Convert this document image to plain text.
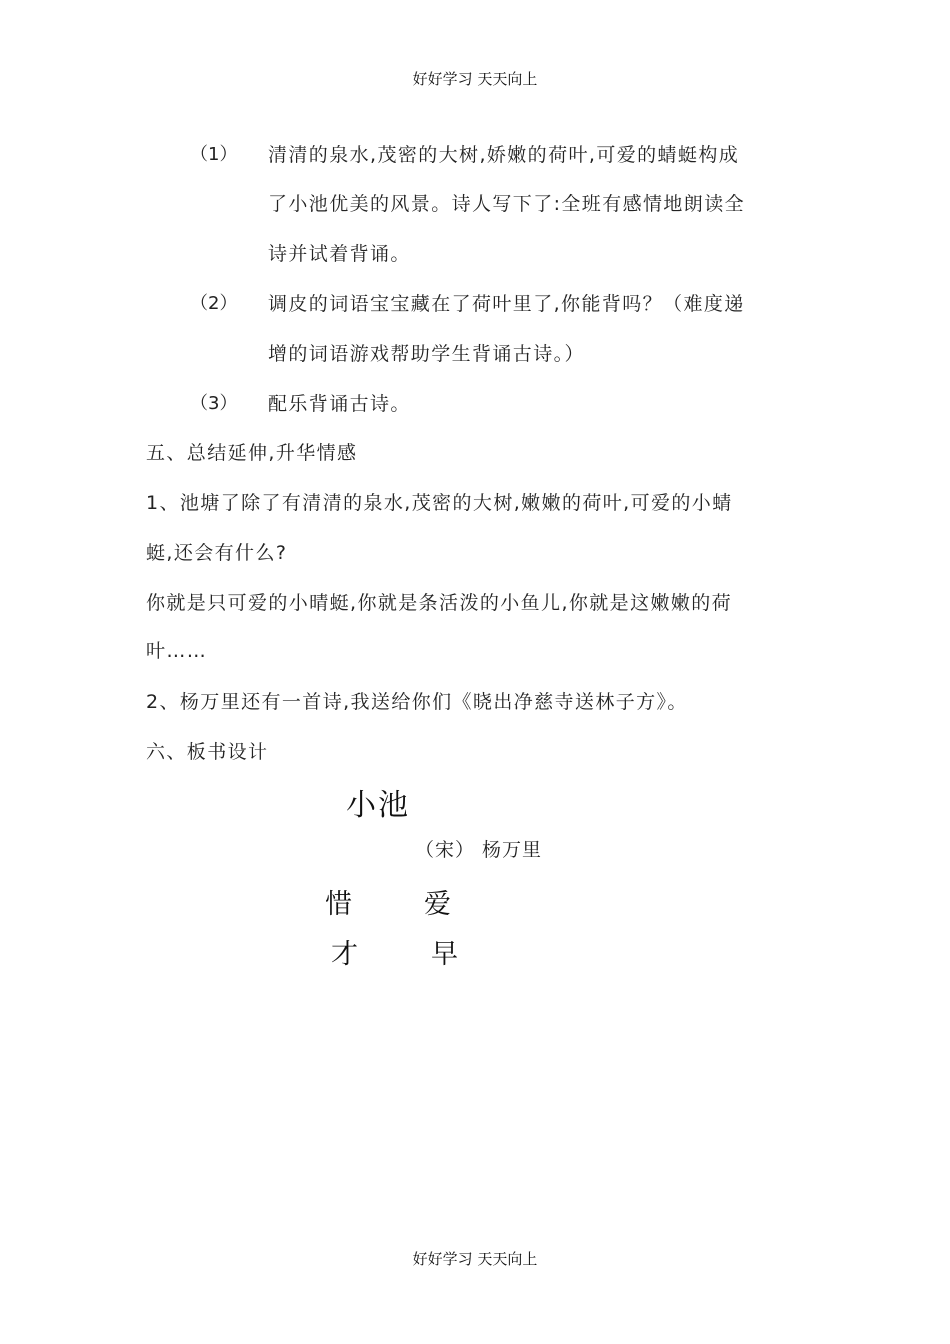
好好学习 天天向上
（1） 清清的泉水,茂密的大树,娇嫩的荷叶,可爱的蜻蜓构成
了小池优美的风景。诗人写下了:全班有感情地朗读全
诗并试着背诵。
（2） 调皮的词语宝宝藏在了荷叶里了,你能背吗？（难度递
增的词语游戏帮助学生背诵古诗。）
（3） 配乐背诵古诗。
五、总结延伸,升华情感
1、池塘了除了有清清的泉水,茂密的大树,嫩嫩的荷叶,可爱的小蜻
蜓,还会有什么?
你就是只可爱的小晴蜓,你就是条活泼的小鱼儿,你就是这嫩嫩的荷
叶……
2、杨万里还有一首诗,我送给你们《晓出净慈寺送林子方》。
六、板书设计
小池
（宋） 杨万里
惜	爱
才	早
好好学习 天天向上
